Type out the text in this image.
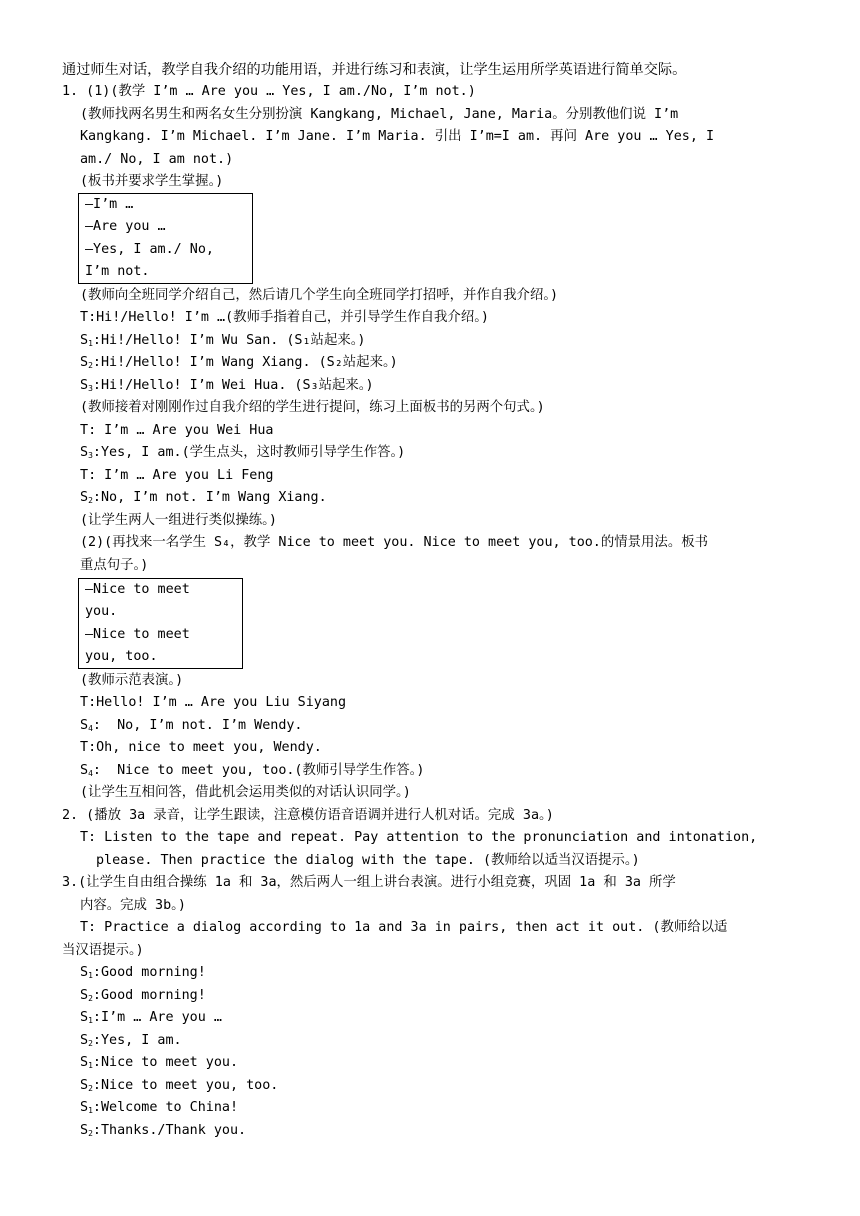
通过师生对话，教学自我介绍的功能用语，并进行练习和表演，让学生运用所学英语进行简单交际。
1. (1)(教学 I’m … Are you … Yes, I am./No, I’m not.)
(教师找两名男生和两名女生分别扮演 Kangkang, Michael, Jane, Maria。分别教他们说 I’m
Kangkang. I’m Michael. I’m Jane. I’m Maria. 引出 I’m=I am. 再问 Are you … Yes, I
am./ No, I am not.)
(板书并要求学生掌握。)
—I’m …
—Are you …
—Yes, I am./ No,
I’m not.
(教师向全班同学介绍自己，然后请几个学生向全班同学打招呼，并作自我介绍。)
T:Hi!/Hello! I’m …(教师手指着自己，并引导学生作自我介绍。)
$S_1:Hi$!/Hello! I’m Wu San. (S₁站起来。)
$S_2:Hi$!/Hello! I’m Wang Xiang. (S₂站起来。)
$S_3:Hi$!/Hello! I’m Wei Hua. (S₃站起来。)
(教师接着对刚刚作过自我介绍的学生进行提问，练习上面板书的另两个句式。)
T: I’m … Are you Wei Hua
$S_3:Yes$, I am.(学生点头，这时教师引导学生作答。)
T: I’m … Are you Li Feng
$S_2:No$, I’m not. I’m Wang Xiang.
(让学生两人一组进行类似操练。)
(2)(再找来一名学生 S₄，教学 Nice to meet you. Nice to meet you, too.的情景用法。板书
重点句子。)
—Nice to meet
you.
—Nice to meet
you, too.
(教师示范表演。)
T:Hello! I’m … Are you Liu Siyang
$S_4$:  No, I’m not. I’m Wendy.
T:Oh, nice to meet you, Wendy.
$S_4$:  Nice to meet you, too.(教师引导学生作答。)
(让学生互相问答，借此机会运用类似的对话认识同学。)
2. (播放 3a 录音，让学生跟读，注意模仿语音语调并进行人机对话。完成 3a。)
T: Listen to the tape and repeat. Pay attention to the pronunciation and intonation,
please. Then practice the dialog with the tape. (教师给以适当汉语提示。)
3.(让学生自由组合操练 1a 和 3a，然后两人一组上讲台表演。进行小组竞赛，巩固 1a 和 3a 所学
内容。完成 3b。)
T: Practice a dialog according to 1a and 3a in pairs, then act it out. (教师给以适
当汉语提示。)
$S_1:Good$ morning!
$S_2:Good$ morning!
$S_1:I’m$ … Are you …
$S_2:Yes$, I am.
$S_1:Nice$ to meet you.
$S_2:Nice$ to meet you, too.
$S_1:Welcome$ to China!
$S_2:Thanks$./Thank you.
